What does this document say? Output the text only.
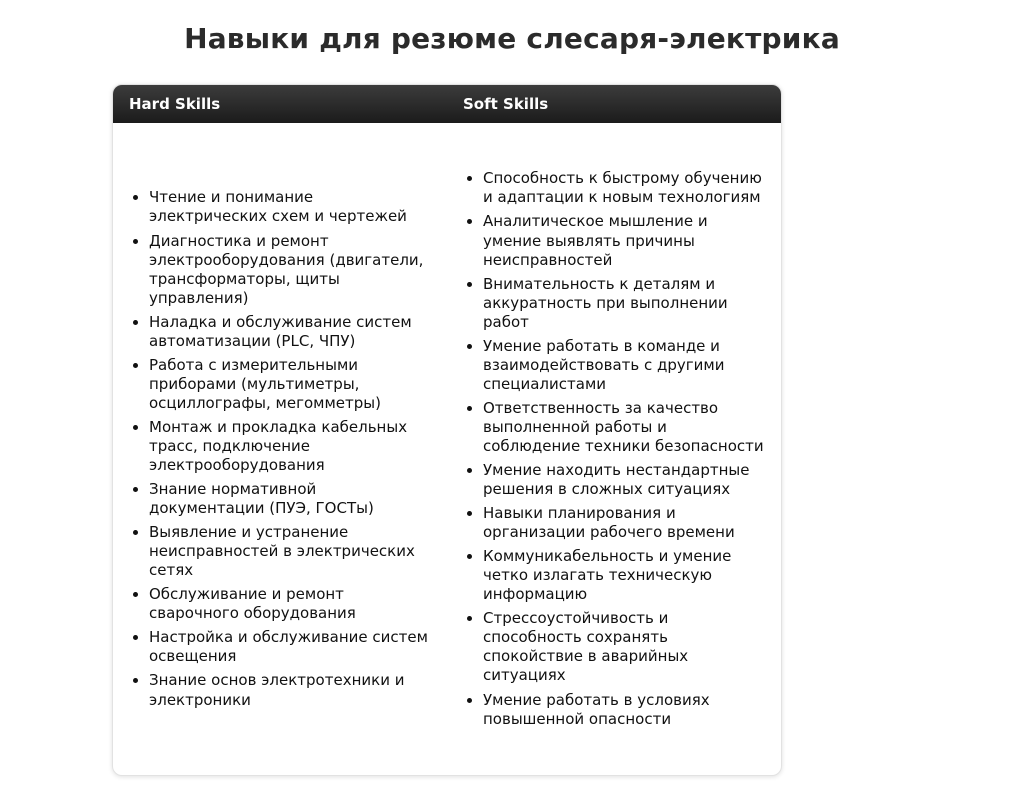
Навыки для резюме слесаря-электрика
Hard Skills	Soft Skills
• Чтение и понимание электрических схем и чертежей
• Диагностика и ремонт электрооборудования (двигатели, трансформаторы, щиты управления)
• Наладка и обслуживание систем автоматизации (PLC, ЧПУ)
• Работа с измерительными приборами (мультиметры, осциллографы, мегомметры)
• Монтаж и прокладка кабельных трасс, подключение электрооборудования
• Знание нормативной документации (ПУЭ, ГОСТы)
• Выявление и устранение неисправностей в электрических сетях
• Обслуживание и ремонт сварочного оборудования
• Настройка и обслуживание систем освещения
• Знание основ электротехники и электроники
• Способность к быстрому обучению и адаптации к новым технологиям
• Аналитическое мышление и умение выявлять причины неисправностей
• Внимательность к деталям и аккуратность при выполнении работ
• Умение работать в команде и взаимодействовать с другими специалистами
• Ответственность за качество выполненной работы и соблюдение техники безопасности
• Умение находить нестандартные решения в сложных ситуациях
• Навыки планирования и организации рабочего времени
• Коммуникабельность и умение четко излагать техническую информацию
• Стрессоустойчивость и способность сохранять спокойствие в аварийных ситуациях
• Умение работать в условиях повышенной опасности
